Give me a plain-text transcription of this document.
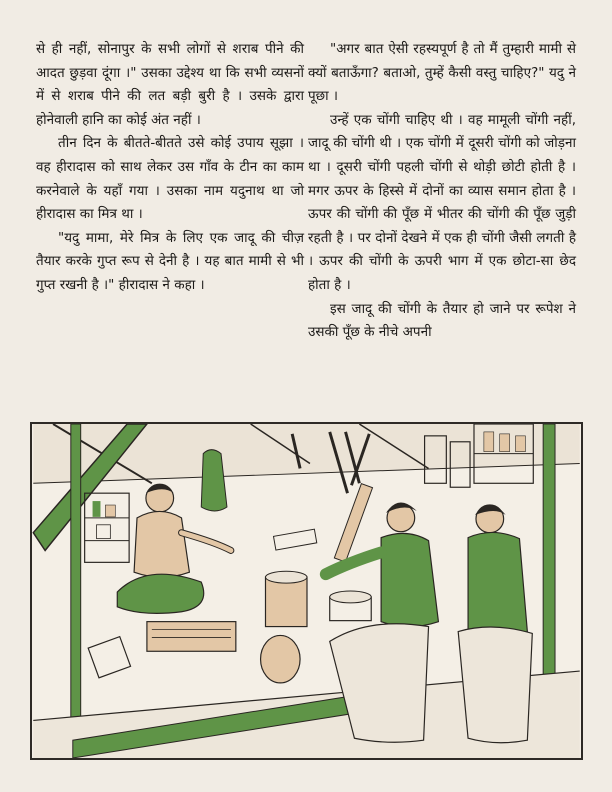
से ही नहीं, सोनापुर के सभी लोगों से शराब पीने की आदत छुड़वा दूंगा ।" उसका उद्देश्य था कि सभी व्यसनों में से शराब पीने की लत बड़ी बुरी है । उसके द्वारा होनेवाली हानि का कोई अंत नहीं ।

तीन दिन के बीतते-बीतते उसे कोई उपाय सूझा । वह हीरादास को साथ लेकर उस गाँव के टीन का काम करनेवाले के यहाँ गया । उसका नाम यदुनाथ था जो हीरादास का मित्र था ।

"यदु मामा, मेरे मित्र के लिए एक जादू की चीज़ तैयार करके गुप्त रूप से देनी है । यह बात मामी से भी गुप्त रखनी है ।" हीरादास ने कहा ।

"अगर बात ऐसी रहस्यपूर्ण है तो मैं तुम्हारी मामी से क्यों बताऊँगा? बताओ, तुम्हें कैसी वस्तु चाहिए?" यदु ने पूछा ।

उन्हें एक चोंगी चाहिए थी । वह मामूली चोंगी नहीं, जादू की चोंगी थी । एक चोंगी में दूसरी चोंगी को जोड़ना था । दूसरी चोंगी पहली चोंगी से थोड़ी छोटी होती है । मगर ऊपर के हिस्से में दोनों का व्यास समान होता है । ऊपर की चोंगी की पूँछ में भीतर की चोंगी की पूँछ जुड़ी रहती है । पर दोनों देखने में एक ही चोंगी जैसी लगती है । ऊपर की चोंगी के ऊपरी भाग में एक छोटा-सा छेद होता है ।

इस जादू की चोंगी के तैयार हो जाने पर रूपेश ने उसकी पूँछ के नीचे अपनी
